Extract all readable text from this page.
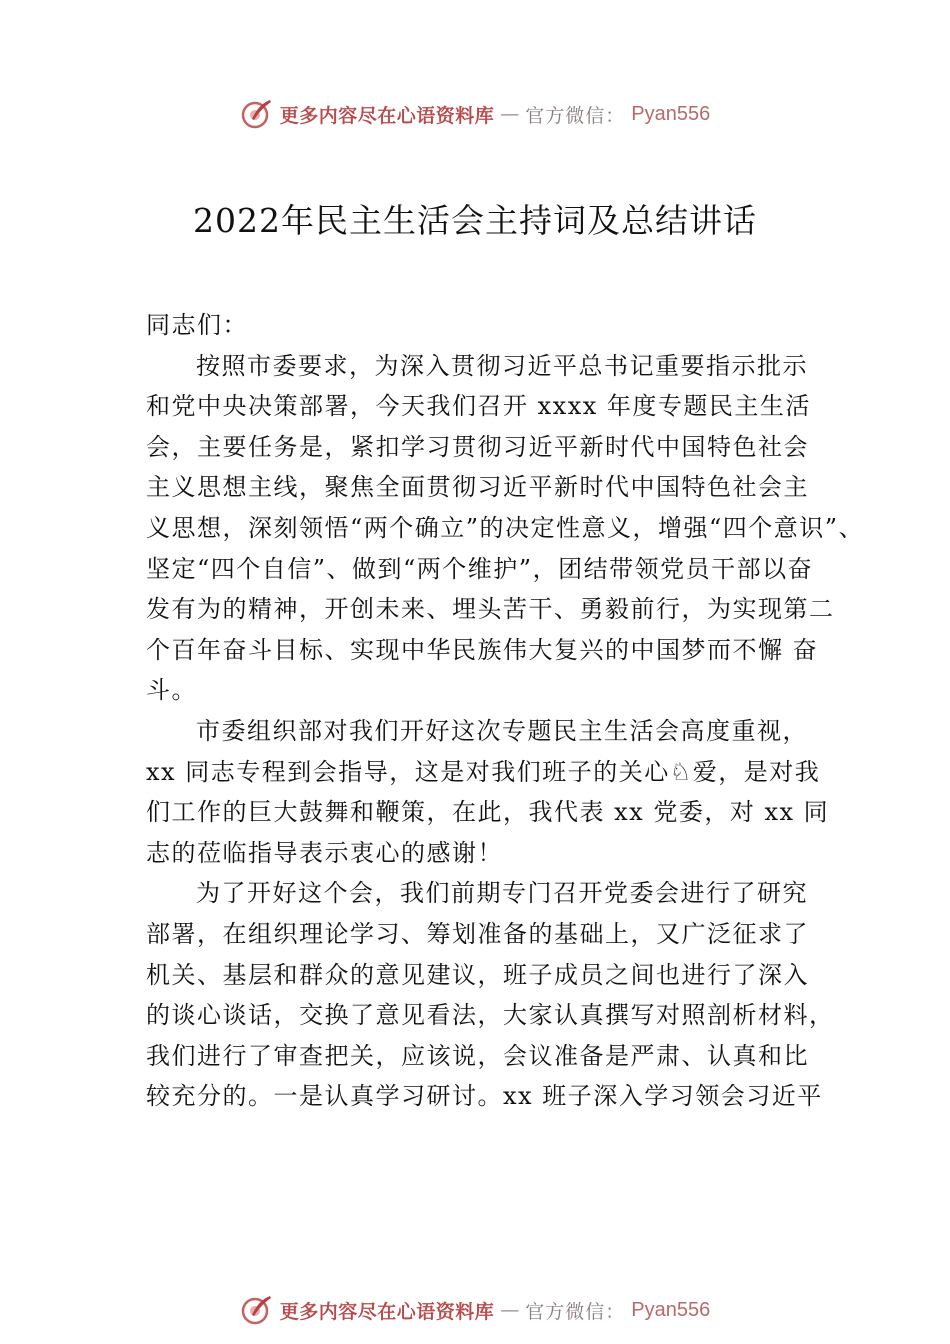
更多内容尽在心语资料库 — 官方微信： Pyan556
2022年民主生活会主持词及总结讲话
同志们：
按照市委要求，为深入贯彻习近平总书记重要指示批示
和党中央决策部署，今天我们召开 xxxx 年度专题民主生活
会，主要任务是，紧扣学习贯彻习近平新时代中国特色社会
主义思想主线，聚焦全面贯彻习近平新时代中国特色社会主
义思想，深刻领悟“两个确立”的决定性意义，增强“四个意识”、
坚定“四个自信”、做到“两个维护”，团结带领党员干部以奋
发有为的精神，开创未来、埋头苦干、勇毅前行，为实现第二
个百年奋斗目标、实现中华民族伟大复兴的中国梦而不懈 奋
斗。
市委组织部对我们开好这次专题民主生活会高度重视，
xx 同志专程到会指导，这是对我们班子的关心♘爱，是对我
们工作的巨大鼓舞和鞭策，在此，我代表 xx 党委，对 xx 同
志的莅临指导表示衷心的感谢！
为了开好这个会，我们前期专门召开党委会进行了研究
部署，在组织理论学习、筹划准备的基础上，又广泛征求了
机关、基层和群众的意见建议，班子成员之间也进行了深入
的谈心谈话，交换了意见看法，大家认真撰写对照剖析材料，
我们进行了审查把关，应该说，会议准备是严肃、认真和比
较充分的。一是认真学习研讨。xx 班子深入学习领会习近平
更多内容尽在心语资料库 — 官方微信： Pyan556
